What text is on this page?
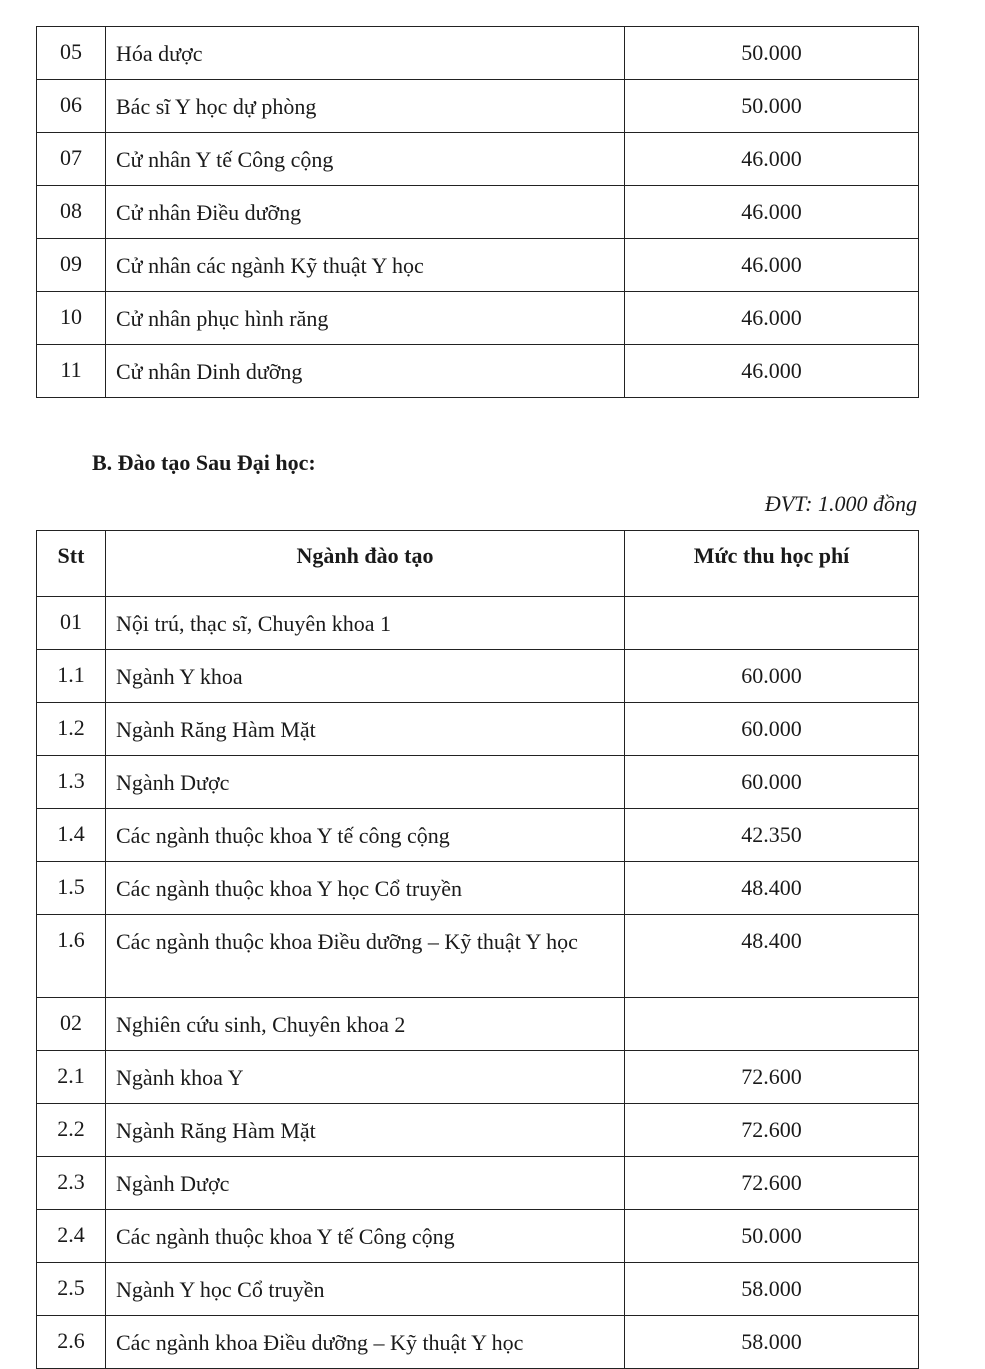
05	Hóa dược	50.000
06	Bác sĩ Y học dự phòng	50.000
07	Cử nhân Y tế Công cộng	46.000
08	Cử nhân Điều dưỡng	46.000
09	Cử nhân các ngành Kỹ thuật Y học	46.000
10	Cử nhân phục hình răng	46.000
11	Cử nhân Dinh dưỡng	46.000

B. Đào tạo Sau Đại học:

ĐVT: 1.000 đồng

Stt	Ngành đào tạo	Mức thu học phí
01	Nội trú, thạc sĩ, Chuyên khoa 1	
1.1	Ngành Y khoa	60.000
1.2	Ngành Răng Hàm Mặt	60.000
1.3	Ngành Dược	60.000
1.4	Các ngành thuộc khoa Y tế công cộng	42.350
1.5	Các ngành thuộc khoa Y học Cổ truyền	48.400
1.6	Các ngành thuộc khoa Điều dưỡng – Kỹ thuật Y học	48.400
02	Nghiên cứu sinh, Chuyên khoa 2	
2.1	Ngành khoa Y	72.600
2.2	Ngành Răng Hàm Mặt	72.600
2.3	Ngành Dược	72.600
2.4	Các ngành thuộc khoa Y tế Công cộng	50.000
2.5	Ngành Y học Cổ truyền	58.000
2.6	Các ngành khoa Điều dưỡng – Kỹ thuật Y học	58.000
